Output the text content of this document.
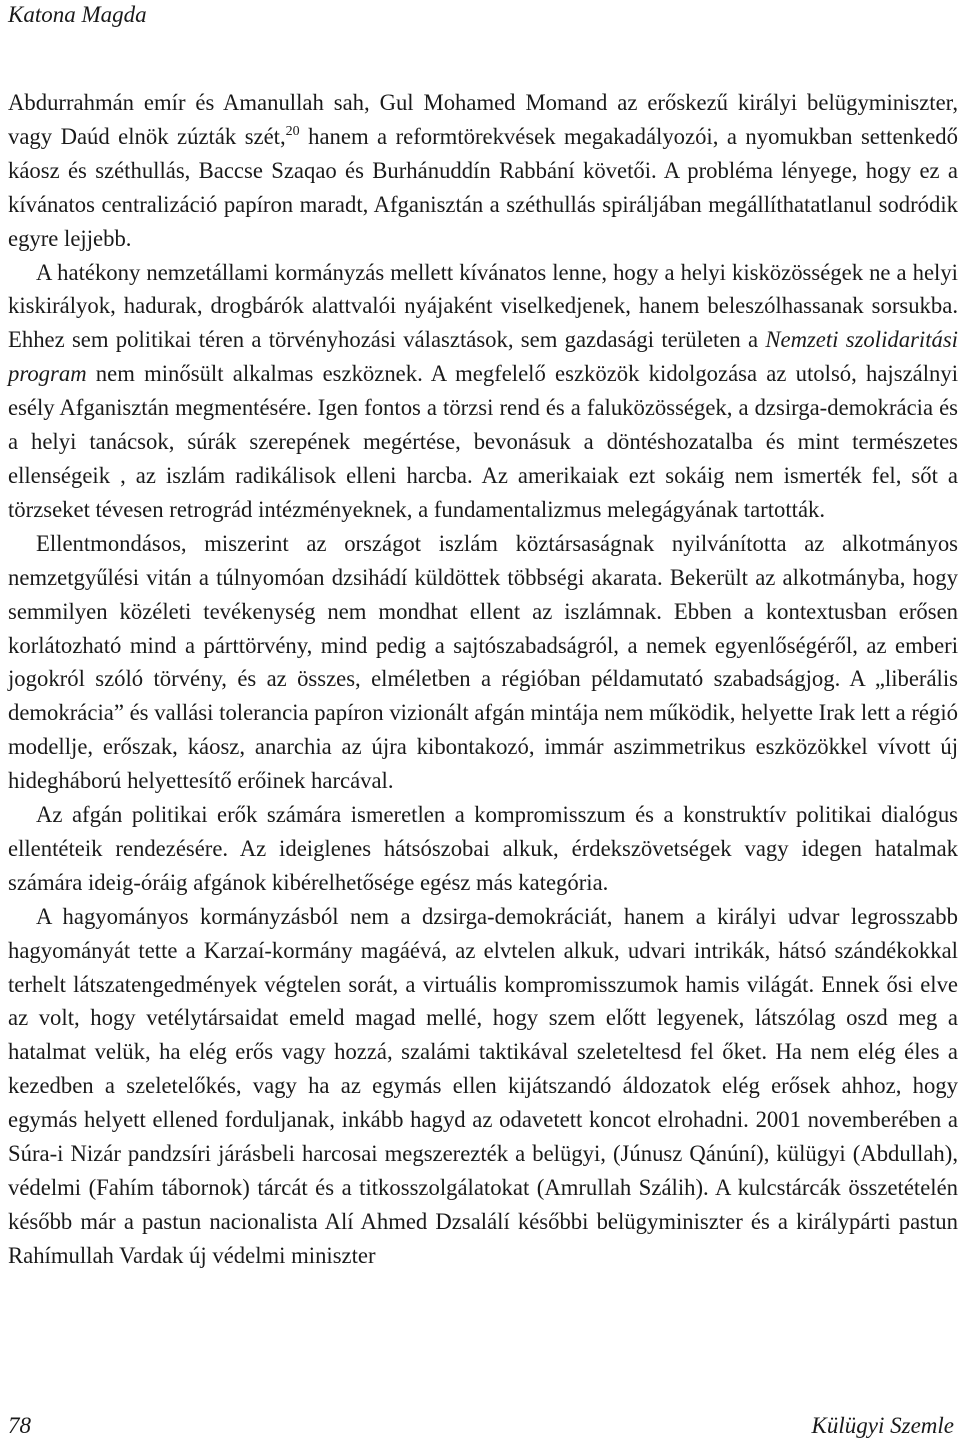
Katona Magda

Abdurrahmán emír és Amanullah sah, Gul Mohamed Momand az erőskezű királyi belügyminiszter, vagy Daúd elnök zúzták szét,$^{20}$ hanem a reformtörekvések megakadályozói, a nyomukban settenkedő káosz és széthullás, Baccse Szaqao és Burhánuddín Rabbání követői. A probléma lényege, hogy ez a kívánatos centralizáció papíron maradt, Afganisztán a széthullás spiráljában megállíthatatlanul sodródik egyre lejjebb.

A hatékony nemzetállami kormányzás mellett kívánatos lenne, hogy a helyi kisközösségek ne a helyi kiskirályok, hadurak, drogbárók alattvalói nyájaként viselkedjenek, hanem beleszólhassanak sorsukba. Ehhez sem politikai téren a törvényhozási választások, sem gazdasági területen a Nemzeti szolidaritási program nem minősült alkalmas eszköznek. A megfelelő eszközök kidolgozása az utolsó, hajszálnyi esély Afganisztán megmentésére. Igen fontos a törzsi rend és a faluközösségek, a dzsirga-demokrácia és a helyi tanácsok, súrák szerepének megértése, bevonásuk a döntéshozatalba és mint természetes ellenségeik , az iszlám radikálisok elleni harcba. Az amerikaiak ezt sokáig nem ismerték fel, sőt a törzseket tévesen retrográd intézményeknek, a fundamentalizmus melegágyának tartották.

Ellentmondásos, miszerint az országot iszlám köztársaságnak nyilvánította az alkotmányos nemzetgyűlési vitán a túlnyomóan dzsihádí küldöttek többségi akarata. Bekerült az alkotmányba, hogy semmilyen közéleti tevékenység nem mondhat ellent az iszlámnak. Ebben a kontextusban erősen korlátozható mind a párttörvény, mind pedig a sajtószabadságról, a nemek egyenlőségéről, az emberi jogokról szóló törvény, és az összes, elméletben a régióban példamutató szabadságjog. A „liberális demokrácia” és vallási tolerancia papíron vizionált afgán mintája nem működik, helyette Irak lett a régió modellje, erőszak, káosz, anarchia az újra kibontakozó, immár aszimmetrikus eszközökkel vívott új hidegháború helyettesítő erőinek harcával.

Az afgán politikai erők számára ismeretlen a kompromisszum és a konstruktív politikai dialógus ellentéteik rendezésére. Az ideiglenes hátsószobai alkuk, érdekszövetségek vagy idegen hatalmak számára ideig-óráig afgánok kibérelhetősége egész más kategória.

A hagyományos kormányzásból nem a dzsirga-demokráciát, hanem a királyi udvar legrosszabb hagyományát tette a Karzaí-kormány magáévá, az elvtelen alkuk, udvari intrikák, hátsó szándékokkal terhelt látszatengedmények végtelen sorát, a virtuális kompromisszumok hamis világát. Ennek ősi elve az volt, hogy vetélytársaidat emeld magad mellé, hogy szem előtt legyenek, látszólag oszd meg a hatalmat velük, ha elég erős vagy hozzá, szalámi taktikával szeleteltesd fel őket. Ha nem elég éles a kezedben a szeletelőkés, vagy ha az egymás ellen kijátszandó áldozatok elég erősek ahhoz, hogy egymás helyett ellened forduljanak, inkább hagyd az odavetett koncot elrohadni. 2001 novemberében a Súra-i Nizár pandzsíri járásbeli harcosai megszerezték a belügyi, (Júnusz Qánúní), külügyi (Abdullah), védelmi (Fahím tábornok) tárcát és a titkosszolgálatokat (Amrullah Szálih). A kulcstárcák összetételén később már a pastun nacionalista Alí Ahmed Dzsalálí későbbi belügyminiszter és a királypárti pastun Rahímullah Vardak új védelmi miniszter

78	Külügyi Szemle
